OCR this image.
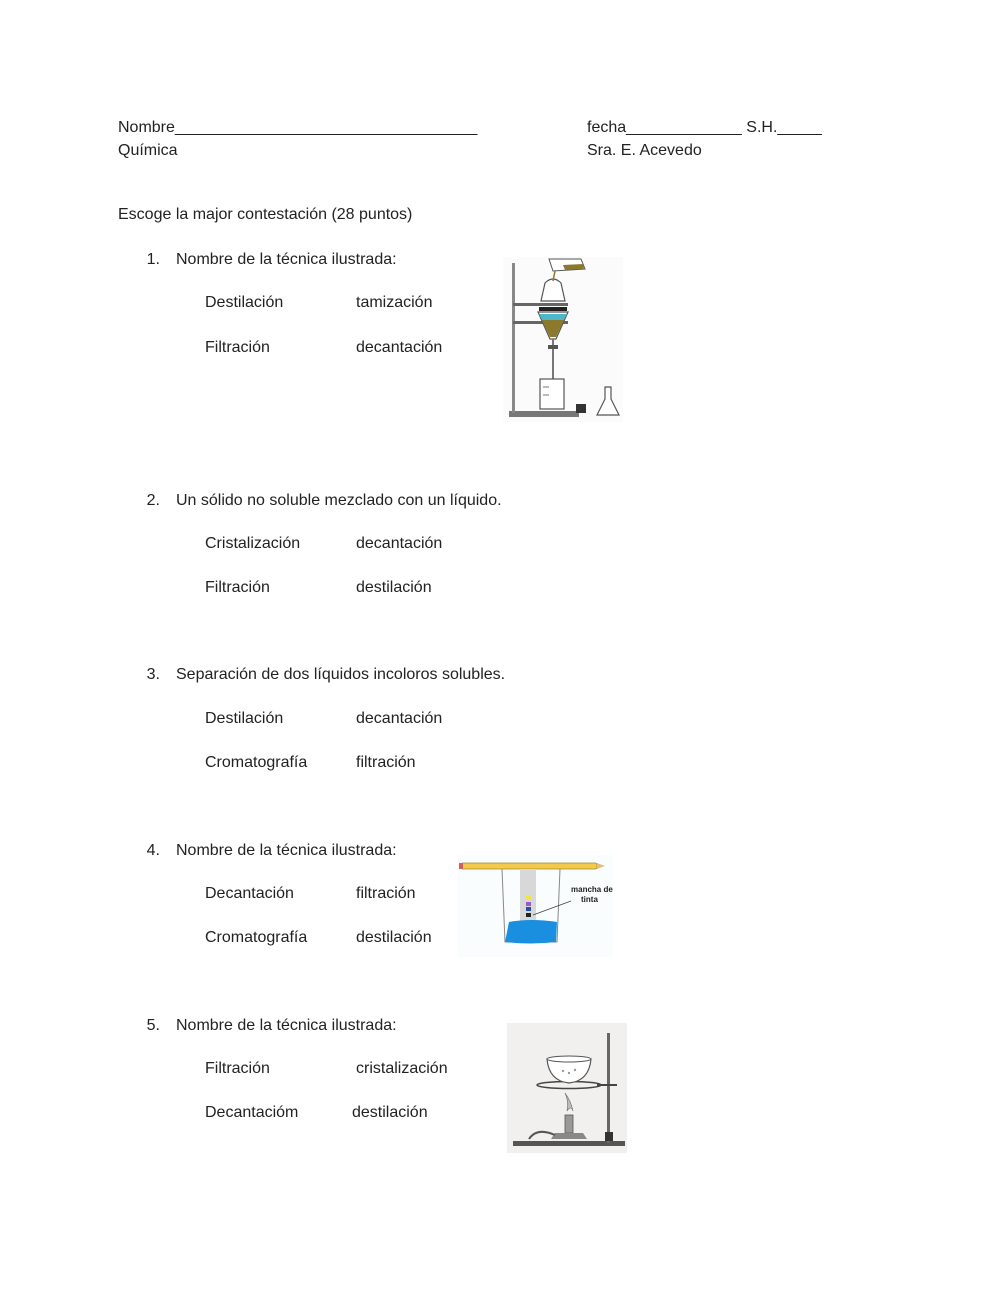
Nombre__________________________________	fecha_____________ S.H._____
Química	Sra. E. Acevedo
Escoge la major contestación (28 puntos)
1. Nombre de la técnica ilustrada:
Destilación	tamización
Filtración	decantación
2. Un sólido no soluble mezclado con un líquido.
Cristalización	decantación
Filtración	destilación
3. Separación de dos líquidos incoloros solubles.
Destilación	decantación
Cromatografía	filtración
4. Nombre de la técnica ilustrada:
Decantación	filtración
Cromatografía	destilación
mancha de
tinta
5. Nombre de la técnica ilustrada:
Filtración	cristalización
Decantacióm	destilación
